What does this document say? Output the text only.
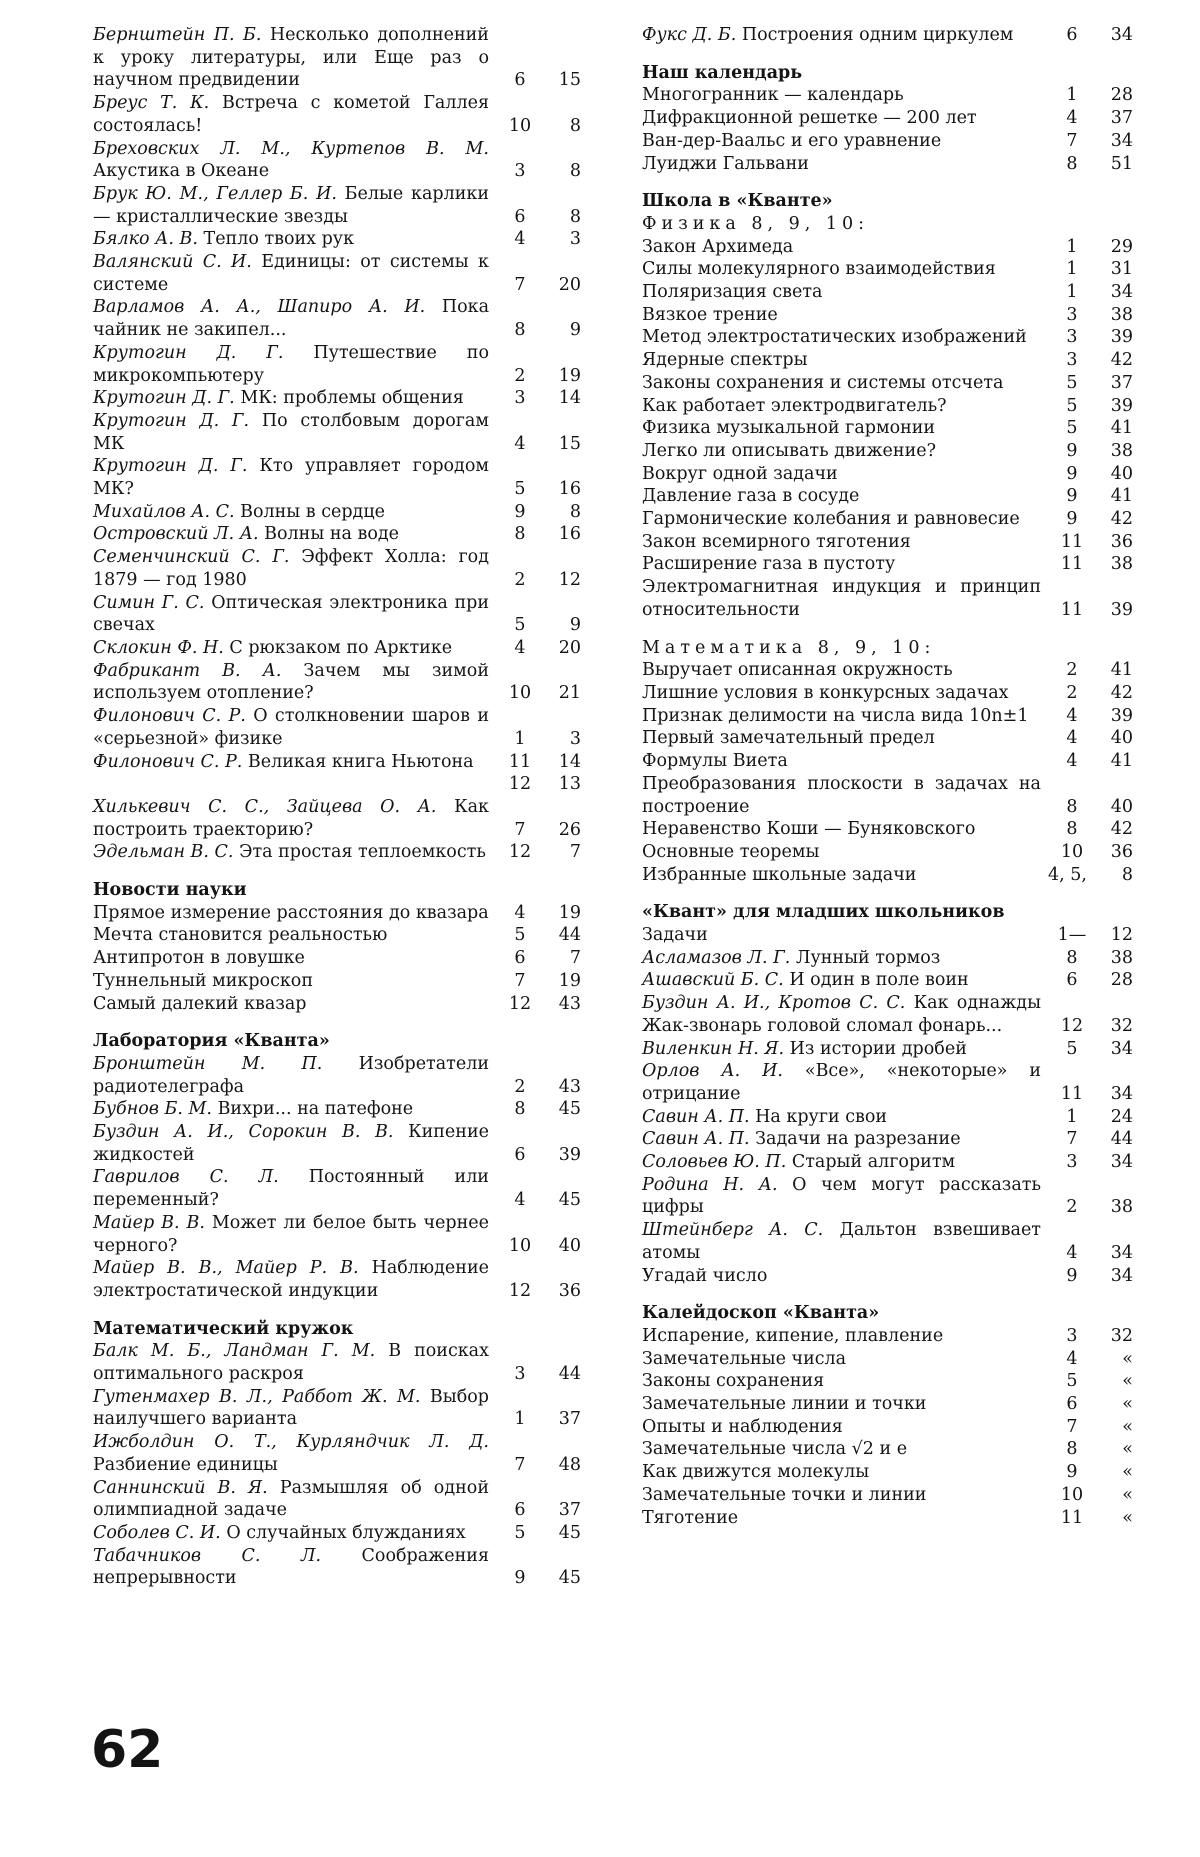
Бернштейн П. Б. Несколько дополнений к уроку литературы, или Еще раз о научном предвидении	6	15
Бреус Т. К. Встреча с кометой Галлея состоялась!	10	8
Бреховских Л. М., Куртепов В. М. Акустика в Океане	3	8
Брук Ю. М., Геллер Б. И. Белые карлики — кристаллические звезды	6	8
Бялко А. В. Тепло твоих рук	4	3
Валянский С. И. Единицы: от системы к системе	7	20
Варламов А. А., Шапиро А. И. Пока чайник не закипел...	8	9
Крутогин Д. Г. Путешествие по микрокомпьютеру	2	19
Крутогин Д. Г. МК: проблемы общения	3	14
Крутогин Д. Г. По столбовым дорогам МК	4	15
Крутогин Д. Г. Кто управляет городом МК?	5	16
Михайлов А. С. Волны в сердце	9	8
Островский Л. А. Волны на воде	8	16
Семенчинский С. Г. Эффект Холла: год 1879 — год 1980	2	12
Симин Г. С. Оптическая электроника при свечах	5	9
Склокин Ф. Н. С рюкзаком по Арктике	4	20
Фабрикант В. А. Зачем мы зимой используем отопление?	10	21
Филонович С. Р. О столкновении шаров и «серьезной» физике	1	3
Филонович С. Р. Великая книга Ньютона	11	14
12	13
Хилькевич С. С., Зайцева О. А. Как построить траекторию?	7	26
Эдельман В. С. Эта простая теплоемкость	12	7
Новости науки
Прямое измерение расстояния до квазара	4	19
Мечта становится реальностью	5	44
Антипротон в ловушке	6	7
Туннельный микроскоп	7	19
Самый далекий квазар	12	43
Лаборатория «Кванта»
Бронштейн М. П. Изобретатели радиотелеграфа	2	43
Бубнов Б. М. Вихри... на патефоне	8	45
Буздин А. И., Сорокин В. В. Кипение жидкостей	6	39
Гаврилов С. Л. Постоянный или переменный?	4	45
Майер В. В. Может ли белое быть чернее черного?	10	40
Майер В. В., Майер Р. В. Наблюдение электростатической индукции	12	36
Математический кружок
Балк М. Б., Ландман Г. М. В поисках оптимального раскроя	3	44
Гутенмахер В. Л., Раббот Ж. М. Выбор наилучшего варианта	1	37
Ижболдин О. Т., Курляндчик Л. Д. Разбиение единицы	7	48
Саннинский В. Я. Размышляя об одной олимпиадной задаче	6	37
Соболев С. И. О случайных блужданиях	5	45
Табачников С. Л. Соображения непрерывности	9	45
Фукс Д. Б. Построения одним циркулем	6	34
Наш календарь
Многогранник — календарь	1	28
Дифракционной решетке — 200 лет	4	37
Ван-дер-Ваальс и его уравнение	7	34
Луиджи Гальвани	8	51
Школа в «Кванте»
Физика 8, 9, 10:
Закон Архимеда	1	29
Силы молекулярного взаимодействия	1	31
Поляризация света	1	34
Вязкое трение	3	38
Метод электростатических изображений	3	39
Ядерные спектры	3	42
Законы сохранения и системы отсчета	5	37
Как работает электродвигатель?	5	39
Физика музыкальной гармонии	5	41
Легко ли описывать движение?	9	38
Вокруг одной задачи	9	40
Давление газа в сосуде	9	41
Гармонические колебания и равновесие	9	42
Закон всемирного тяготения	11	36
Расширение газа в пустоту	11	38
Электромагнитная индукция и принцип относительности	11	39
Математика 8, 9, 10:
Выручает описанная окружность	2	41
Лишние условия в конкурсных задачах	2	42
Признак делимости на числа вида 10n±1	4	39
Первый замечательный предел	4	40
Формулы Виета	4	41
Преобразования плоскости в задачах на построение	8	40
Неравенство Коши — Буняковского	8	42
Основные теоремы	10	36
Избранные школьные задачи	4, 5,	8
«Квант» для младших школьников
Задачи	1—	12
Асламазов Л. Г. Лунный тормоз	8	38
Ашавский Б. С. И один в поле воин	6	28
Буздин А. И., Кротов С. С. Как однажды Жак-звонарь головой сломал фонарь...	12	32
Виленкин Н. Я. Из истории дробей	5	34
Орлов А. И. «Все», «некоторые» и отрицание	11	34
Савин А. П. На круги свои	1	24
Савин А. П. Задачи на разрезание	7	44
Соловьев Ю. П. Старый алгоритм	3	34
Родина Н. А. О чем могут рассказать цифры	2	38
Штейнберг А. С. Дальтон взвешивает атомы	4	34
Угадай число	9	34
Калейдоскоп «Кванта»
Испарение, кипение, плавление	3	32
Замечательные числа	4	«
Законы сохранения	5	«
Замечательные линии и точки	6	«
Опыты и наблюдения	7	«
Замечательные числа √2 и e	8	«
Как движутся молекулы	9	«
Замечательные точки и линии	10	«
Тяготение	11	«
62
